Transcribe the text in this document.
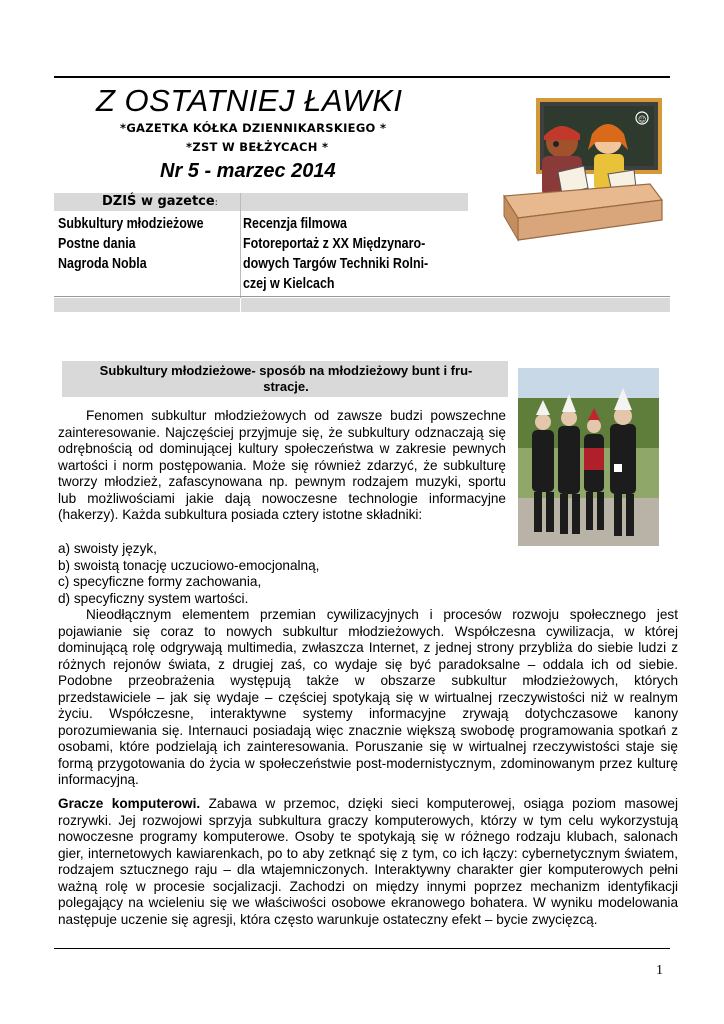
Z OSTATNIEJ ŁAWKI
*GAZETKA KÓŁKA DZIENNIKARSKIEGO *
*ZST W BEŁŻYCACH *
Nr 5 - marzec 2014
☺
DZIŚ w gazetce:
Subkultury młodzieżowe
Postne dania
Nagroda Nobla
Recenzja filmowa
Fotoreportaż z XX Międzynaro-
dowych Targów Techniki Rolni-
czej w Kielcach
Subkultury młodzieżowe- sposób na młodzieżowy bunt i fru-
stracje.

Fenomen subkultur młodzieżowych od zawsze budzi powszechne zainteresowanie. Najczęściej przyjmuje się, że subkultury odznaczają się odrębnością od dominującej kultury społeczeństwa w zakresie pewnych wartości i norm postępowania. Może się również zdarzyć, że subkulturę tworzy młodzież, zafascynowana np. pewnym rodzajem muzyki, sportu lub możliwościami jakie dają nowoczesne technologie informacyjne (hakerzy). Każda subkultura posiada cztery istotne składniki:

a) swoisty język,
b) swoistą tonację uczuciowo-emocjonalną,
c) specyficzne formy zachowania,
d) specyficzny system wartości.

Nieodłącznym elementem przemian cywilizacyjnych i procesów rozwoju społecznego jest pojawianie się coraz to nowych subkultur młodzieżowych. Współczesna cywilizacja, w której dominującą rolę odgrywają multimedia, zwłaszcza Internet, z jednej strony przybliża do siebie ludzi z różnych rejonów świata, z drugiej zaś, co wydaje się być paradoksalne – oddala ich od siebie. Podobne przeobrażenia występują także w obszarze subkultur młodzieżowych, których przedstawiciele – jak się wydaje – częściej spotykają się w wirtualnej rzeczywistości niż w realnym życiu. Współczesne, interaktywne systemy informacyjne zrywają dotychczasowe kanony porozumiewania się. Internauci posiadają więc znacznie większą swobodę programowania spotkań z osobami, które podzielają ich zainteresowania. Poruszanie się w wirtualnej rzeczywistości staje się formą przygotowania do życia w społeczeństwie post-modernistycznym, zdominowanym przez kulturę informacyjną.

Gracze komputerowi. Zabawa w przemoc, dzięki sieci komputerowej, osiąga poziom masowej rozrywki. Jej rozwojowi sprzyja subkultura graczy komputerowych, którzy w tym celu wykorzystują nowoczesne programy komputerowe. Osoby te spotykają się w różnego rodzaju klubach, salonach gier, internetowych kawiarenkach, po to aby zetknąć się z tym, co ich łączy: cybernetycznym światem, rodzajem sztucznego raju – dla wtajemniczonych. Interaktywny charakter gier komputerowych pełni ważną rolę w procesie socjalizacji. Zachodzi on między innymi poprzez mechanizm identyfikacji polegający na wcieleniu się we właściwości osobowe ekranowego bohatera. W wyniku modelowania następuje uczenie się agresji, która często warunkuje ostateczny efekt – bycie zwycięzcą.

1
